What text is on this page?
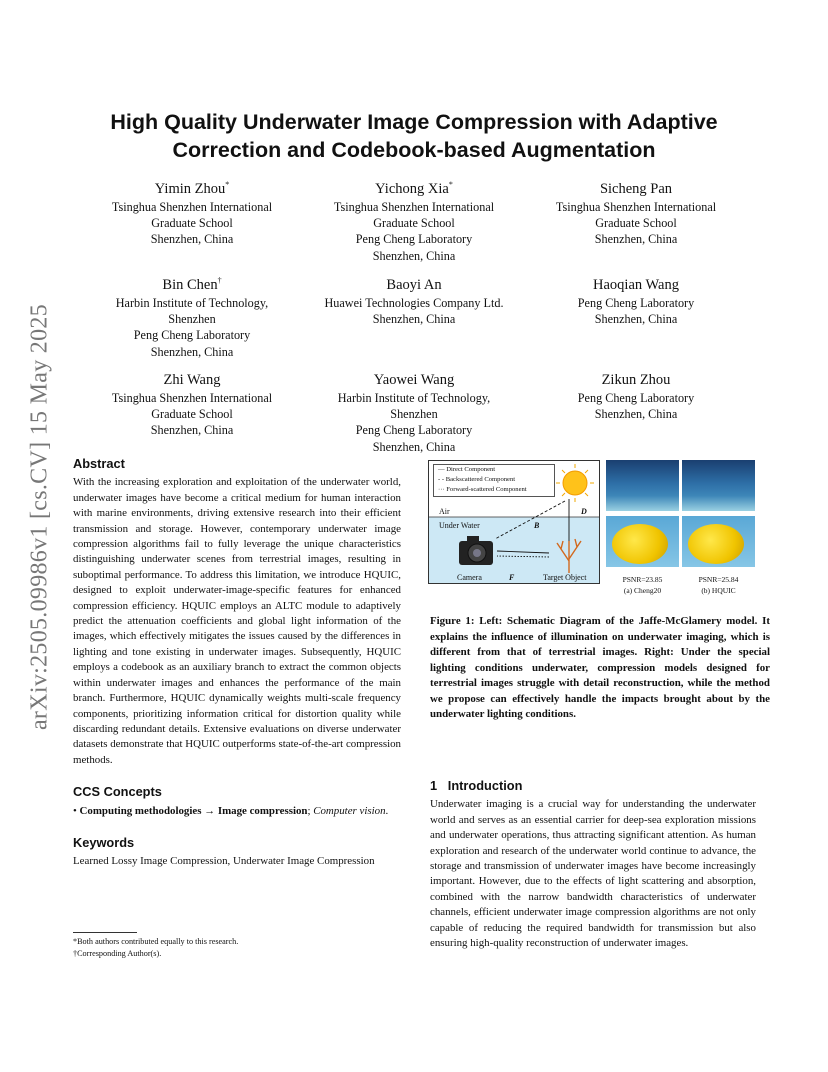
High Quality Underwater Image Compression with Adaptive
Correction and Codebook-based Augmentation
arXiv:2505.09986v1 [cs.CV] 15 May 2025
Yimin Zhou*
Tsinghua Shenzhen International
Graduate School
Shenzhen, China
Yichong Xia*
Tsinghua Shenzhen International
Graduate School
Peng Cheng Laboratory
Shenzhen, China
Sicheng Pan
Tsinghua Shenzhen International
Graduate School
Shenzhen, China
Bin Chen†
Harbin Institute of Technology,
Shenzhen
Peng Cheng Laboratory
Shenzhen, China
Baoyi An
Huawei Technologies Company Ltd.
Shenzhen, China
Haoqian Wang
Peng Cheng Laboratory
Shenzhen, China
Zhi Wang
Tsinghua Shenzhen International
Graduate School
Shenzhen, China
Yaowei Wang
Harbin Institute of Technology,
Shenzhen
Peng Cheng Laboratory
Shenzhen, China
Zikun Zhou
Peng Cheng Laboratory
Shenzhen, China
Abstract
With the increasing exploration and exploitation of the underwater world, underwater images have become a critical medium for human interaction with marine environments, driving extensive research into their efficient transmission and storage. However, contemporary underwater image compression algorithms fail to fully leverage the unique characteristics distinguishing underwater scenes from terrestrial images, resulting in suboptimal performance. To address this limitation, we introduce HQUIC, designed to exploit underwater-image-specific features for enhanced compression efficiency. HQUIC employs an ALTC module to adaptively predict the attenuation coefficients and global light information of the images, which effectively mitigates the issues caused by the differences in lighting and tone existing in underwater images. Subsequently, HQUIC employs a codebook as an auxiliary branch to extract the common objects within underwater images and enhances the performance of the main branch. Furthermore, HQUIC dynamically weights multi-scale frequency components, prioritizing information critical for distortion quality while discarding redundant details. Extensive evaluations on diverse underwater datasets demonstrate that HQUIC outperforms state-of-the-art compression methods.
CCS Concepts
• Computing methodologies → Image compression; Computer vision.
Keywords
Learned Lossy Image Compression, Underwater Image Compression
*Both authors contributed equally to this research.
†Corresponding Author(s).
— Direct Component
- - Backscattered Component
··· Forward-scattered Component
Air
Under Water	B
D
F
Camera	Target Object	PSNR=23.85	PSNR=25.84
(a) Cheng20	(b) HQUIC
Figure 1: Left: Schematic Diagram of the Jaffe-McGlamery model. It explains the influence of illumination on underwater imaging, which is different from that of terrestrial images. Right: Under the special lighting conditions underwater, compression models designed for terrestrial images struggle with detail reconstruction, while the method we propose can effectively handle the impacts brought about by the underwater lighting conditions.
1 Introduction
Underwater imaging is a crucial way for understanding the underwater world and serves as an essential carrier for deep-sea exploration missions and underwater operations, thus attracting significant attention. As human exploration and research of the underwater world continue to advance, the storage and transmission of underwater images have become increasingly important. However, due to the effects of light scattering and absorption, combined with the narrow bandwidth characteristics of underwater channels, efficient underwater image compression algorithms are not only capable of reducing the required bandwidth for transmission but also ensuring high-quality reconstruction of underwater images.
